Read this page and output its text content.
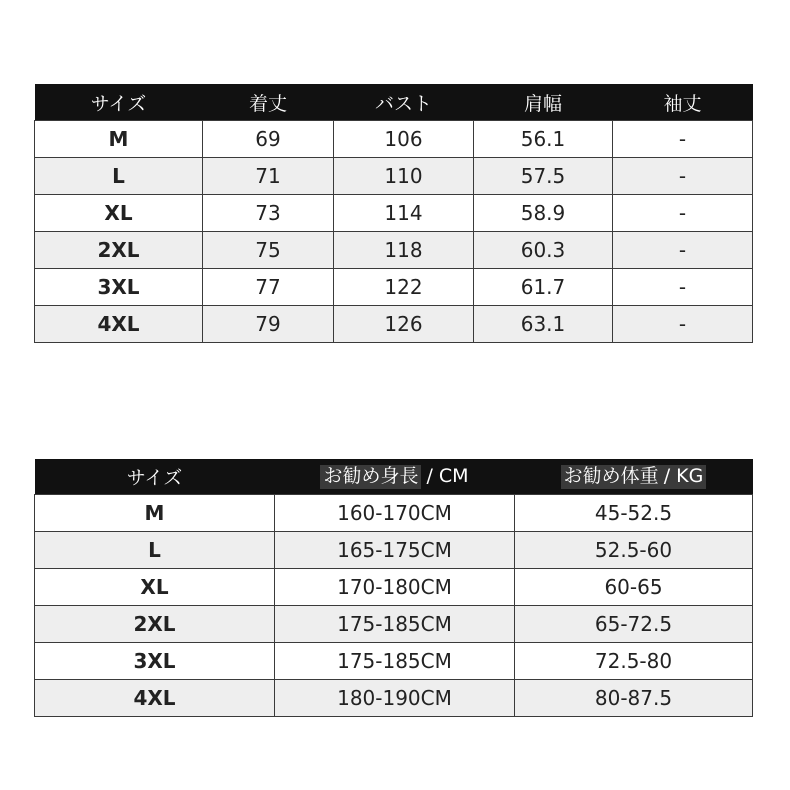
サイズ	着丈	バスト	肩幅	袖丈
M	69	106	56.1	-
L	71	110	57.5	-
XL	73	114	58.9	-
2XL	75	118	60.3	-
3XL	77	122	61.7	-
4XL	79	126	63.1	-
サイズ	お勧め身長 / CM	お勧め体重 / KG
M	160-170CM	45-52.5
L	165-175CM	52.5-60
XL	170-180CM	60-65
2XL	175-185CM	65-72.5
3XL	175-185CM	72.5-80
4XL	180-190CM	80-87.5
